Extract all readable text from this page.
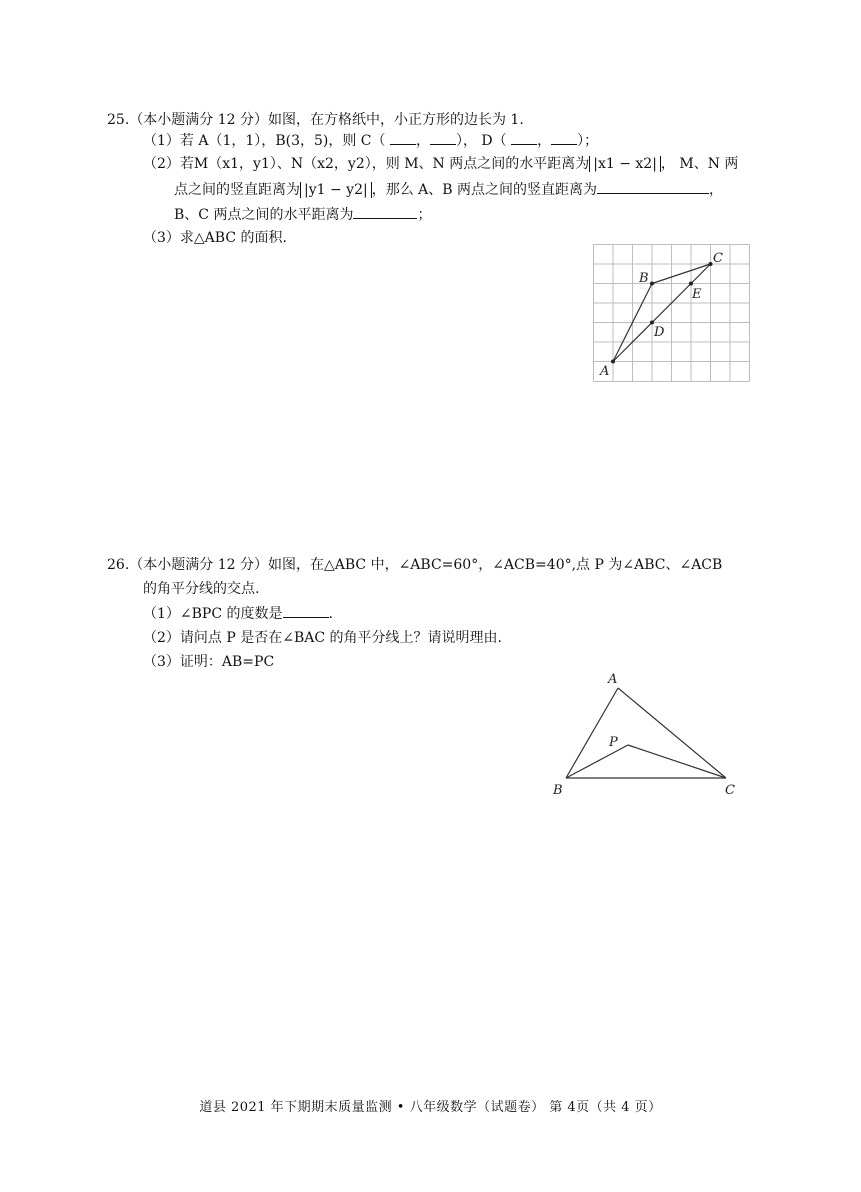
25.（本小题满分 12 分）如图，在方格纸中，小正方形的边长为 1.
（1）若 A（1，1），B(3，5)，则 C（ ， ）， D（ ， ）；
（2）若M（x1，y1）、N（x2，y2），则 M、N 两点之间的水平距离为 |x1 − x2| ， M、N 两
点之间的竖直距离为 |y1 − y2| ，那么 A、B 两点之间的竖直距离为	，
B、C 两点之间的水平距离为	；
（3）求△ABC 的面积.
A
B
C
D
E
26.（本小题满分 12 分）如图，在△ABC 中，∠ABC=60°，∠ACB=40°,点 P 为∠ABC、∠ACB
的角平分线的交点.
（1）∠BPC 的度数是	.
（2）请问点 P 是否在∠BAC 的角平分线上？请说明理由.
（3）证明：AB=PC
A
B	C
P
道县 2021 年下期期末质量监测 • 八年级数学（试题卷） 第 4页（共 4 页）
